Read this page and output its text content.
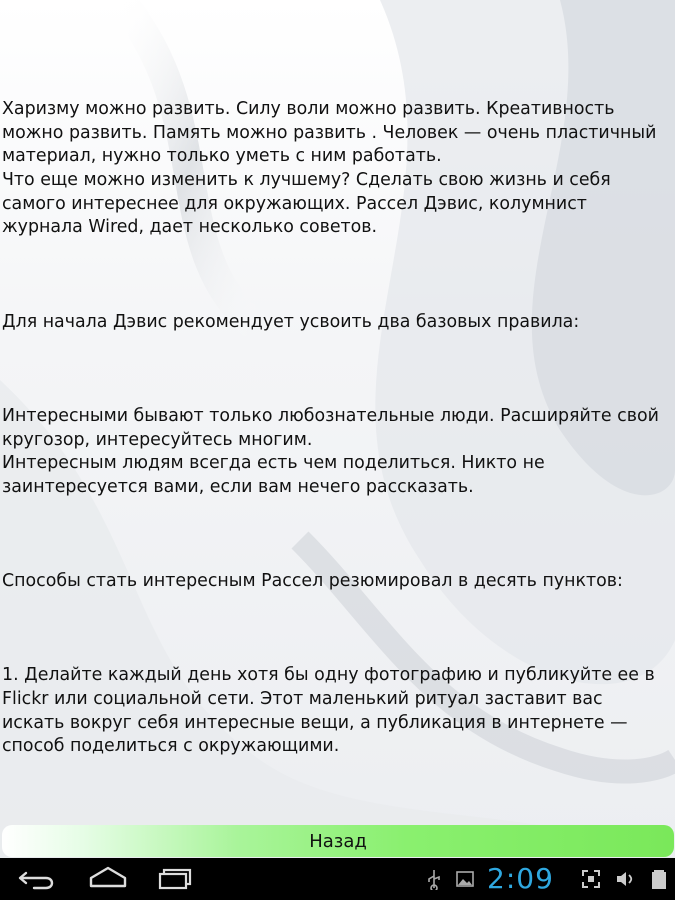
Харизму можно развить. Силу воли можно развить. Креативность можно развить. Память можно развить . Человек — очень пластичный материал, нужно только уметь с ним работать.
Что еще можно изменить к лучшему? Сделать свою жизнь и себя самого интереснее для окружающих. Рассел Дэвис, колумнист журнала Wired, дает несколько советов.

Для начала Дэвис рекомендует усвоить два базовых правила:

Интересными бывают только любознательные люди. Расширяйте свой кругозор, интересуйтесь многим.
Интересным людям всегда есть чем поделиться. Никто не заинтересуется вами, если вам нечего рассказать.

Способы стать интересным Рассел резюмировал в десять пунктов:

1. Делайте каждый день хотя бы одну фотографию и публикуйте ее в Flickr или социальной сети. Этот маленький ритуал заставит вас искать вокруг себя интересные вещи, а публикация в интернете — способ поделиться с окружающими.

Назад
2:09
